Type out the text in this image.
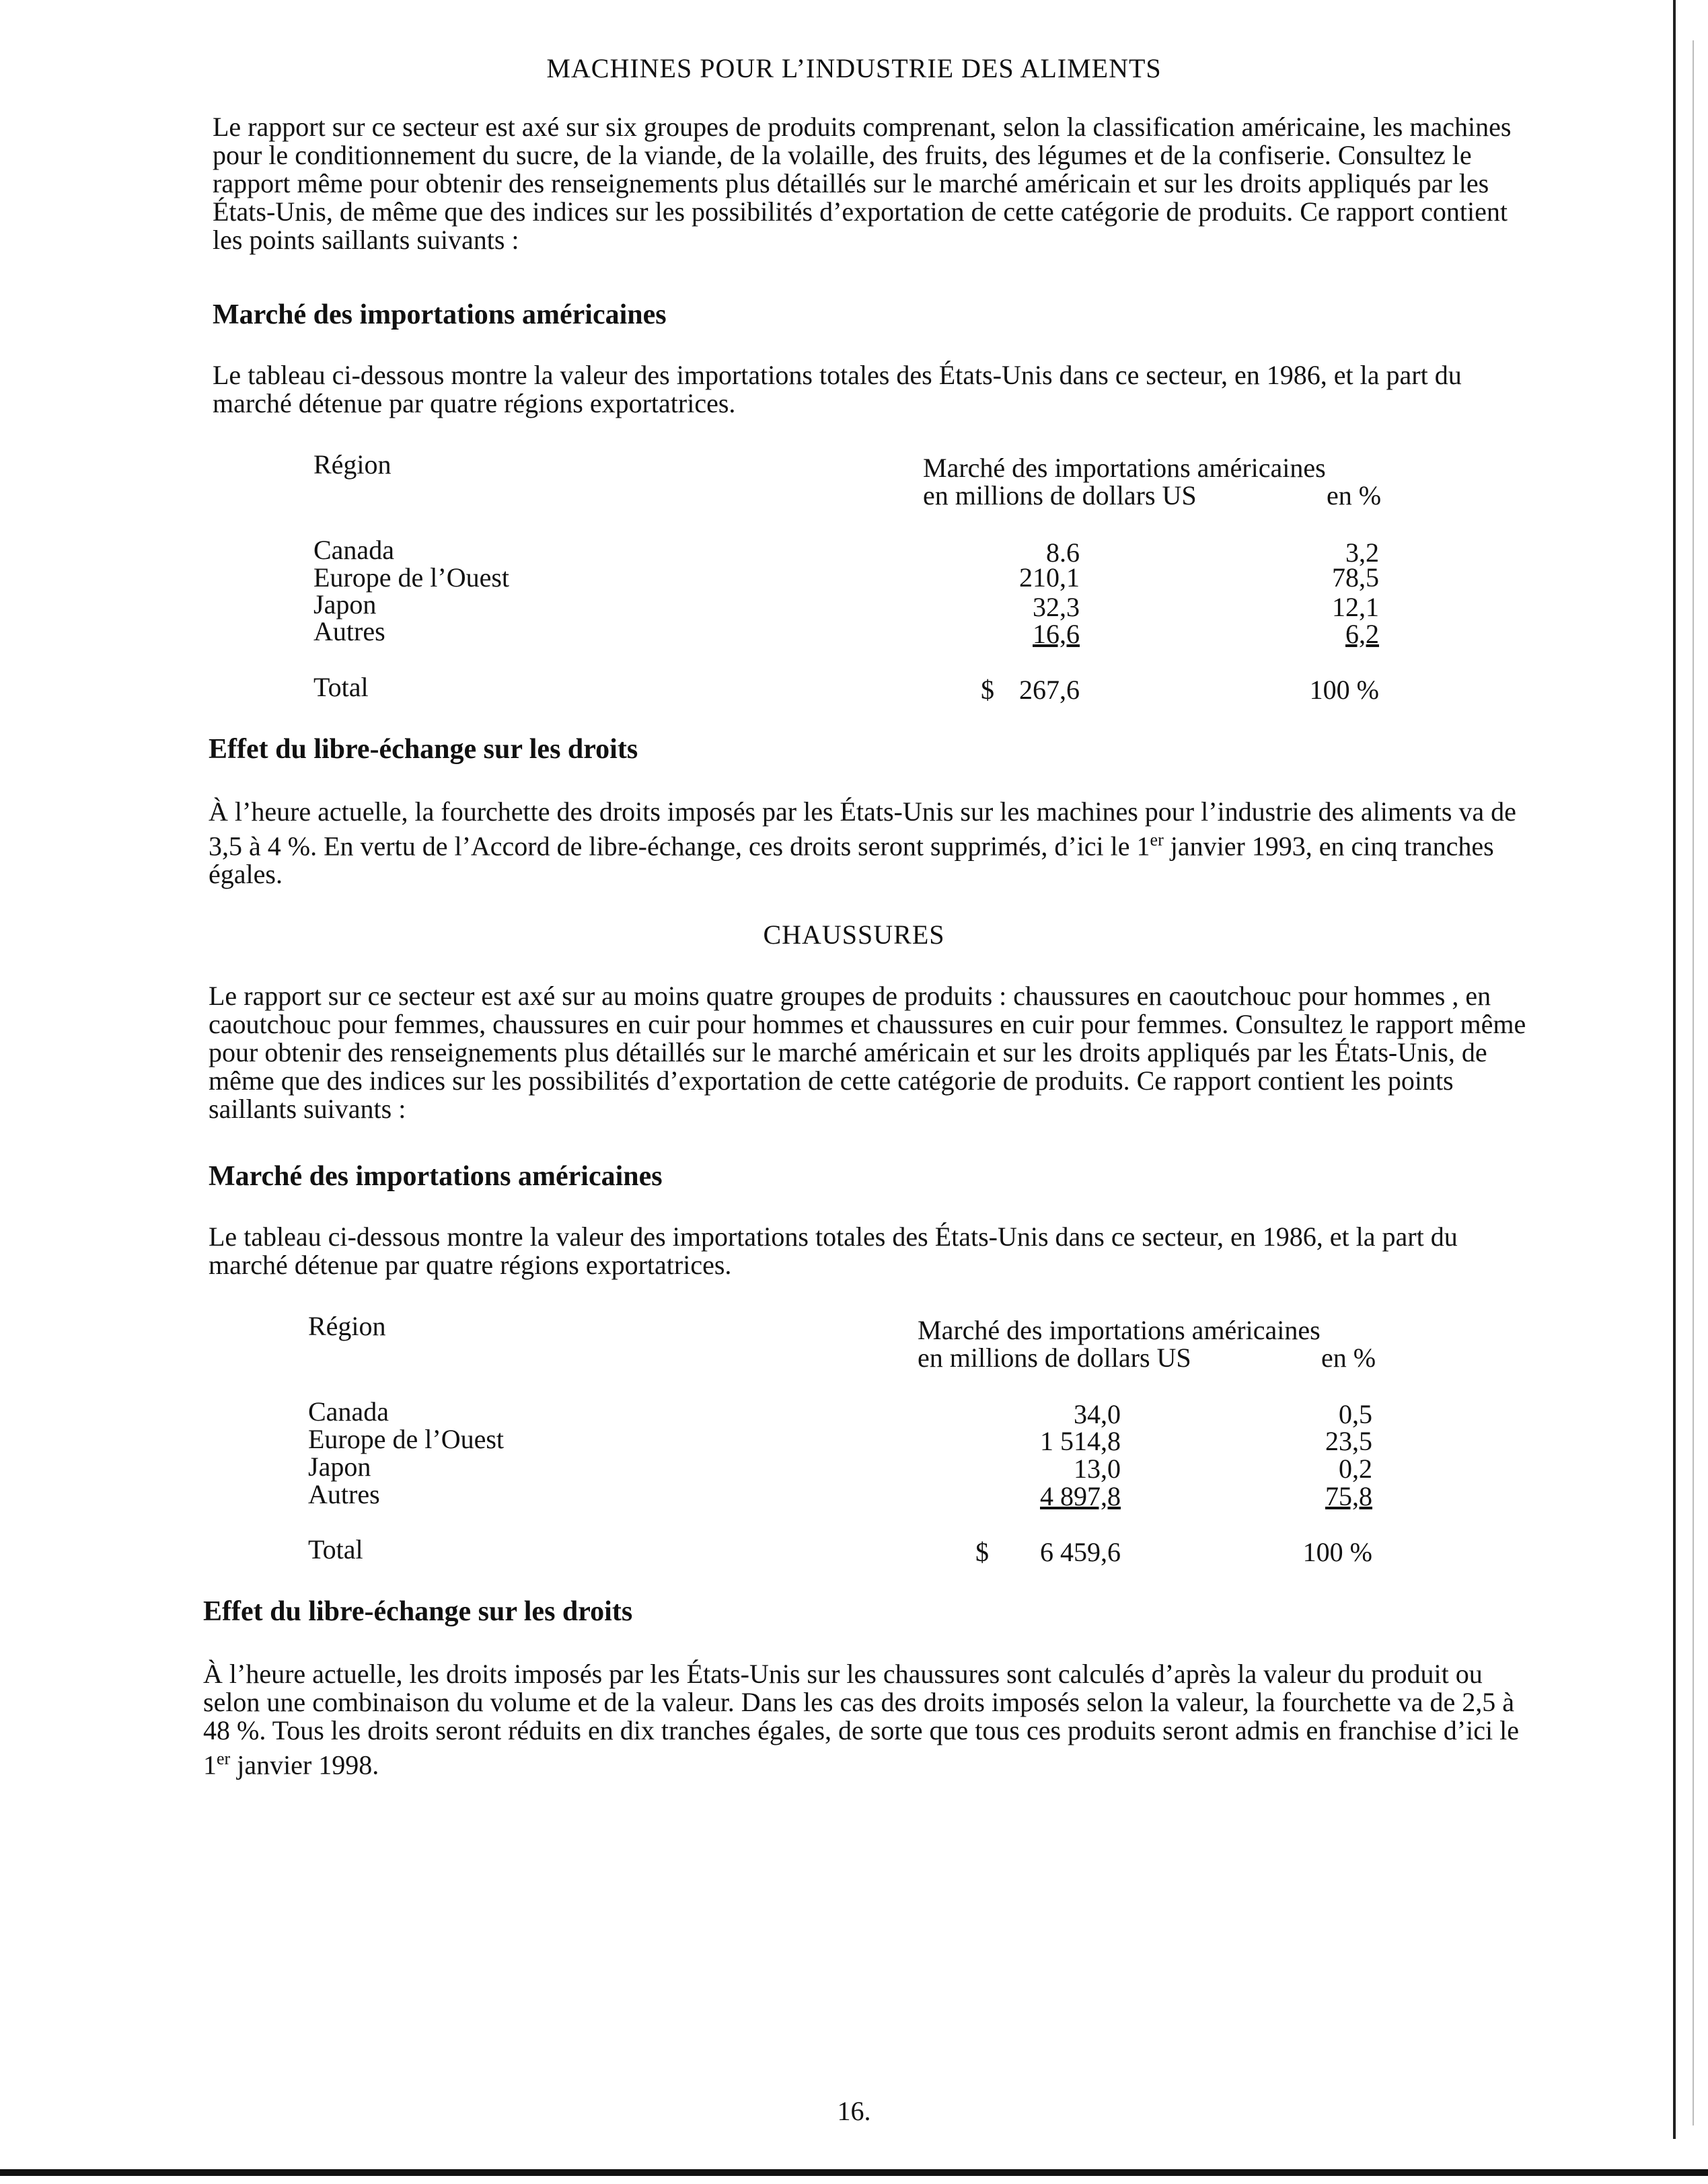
MACHINES POUR L’INDUSTRIE DES ALIMENTS

Le rapport sur ce secteur est axé sur six groupes de produits comprenant, selon la classification américaine, les machines pour le conditionnement du sucre, de la viande, de la volaille, des fruits, des légumes et de la confiserie. Consultez le rapport même pour obtenir des renseignements plus détaillés sur le marché américain et sur les droits appliqués par les États-Unis, de même que des indices sur les possibilités d’exportation de cette catégorie de produits. Ce rapport contient les points saillants suivants :

Marché des importations américaines

Le tableau ci-dessous montre la valeur des importations totales des États-Unis dans ce secteur, en 1986, et la part du marché détenue par quatre régions exportatrices.

Région	Marché des importations américaines
en millions de dollars US	en %
Canada	8.6	3,2
Europe de l’Ouest	210,1	78,5
Japon	32,3	12,1
Autres	16,6	6,2
Total	$ 267,6	100 %
Effet du libre-échange sur les droits

À l’heure actuelle, la fourchette des droits imposés par les États-Unis sur les machines pour l’industrie des aliments va de 3,5 à 4 %. En vertu de l’Accord de libre-échange, ces droits seront supprimés, d’ici le 1er janvier 1993, en cinq tranches égales.

CHAUSSURES

Le rapport sur ce secteur est axé sur au moins quatre groupes de produits : chaussures en caoutchouc pour hommes , en caoutchouc pour femmes, chaussures en cuir pour hommes et chaussures en cuir pour femmes. Consultez le rapport même pour obtenir des renseignements plus détaillés sur le marché américain et sur les droits appliqués par les États-Unis, de même que des indices sur les possibilités d’exportation de cette catégorie de produits. Ce rapport contient les points saillants suivants :

Marché des importations américaines

Le tableau ci-dessous montre la valeur des importations totales des États-Unis dans ce secteur, en 1986, et la part du marché détenue par quatre régions exportatrices.

Région	Marché des importations américaines
en millions de dollars US	en %
Canada	34,0	0,5
Europe de l’Ouest	1 514,8	23,5
Japon	13,0	0,2
Autres	4 897,8	75,8
Total	$	6 459,6	100 %
Effet du libre-échange sur les droits

À l’heure actuelle, les droits imposés par les États-Unis sur les chaussures sont calculés d’après la valeur du produit ou selon une combinaison du volume et de la valeur. Dans les cas des droits imposés selon la valeur, la fourchette va de 2,5 à 48 %. Tous les droits seront réduits en dix tranches égales, de sorte que tous ces produits seront admis en franchise d’ici le 1er janvier 1998.

16.
